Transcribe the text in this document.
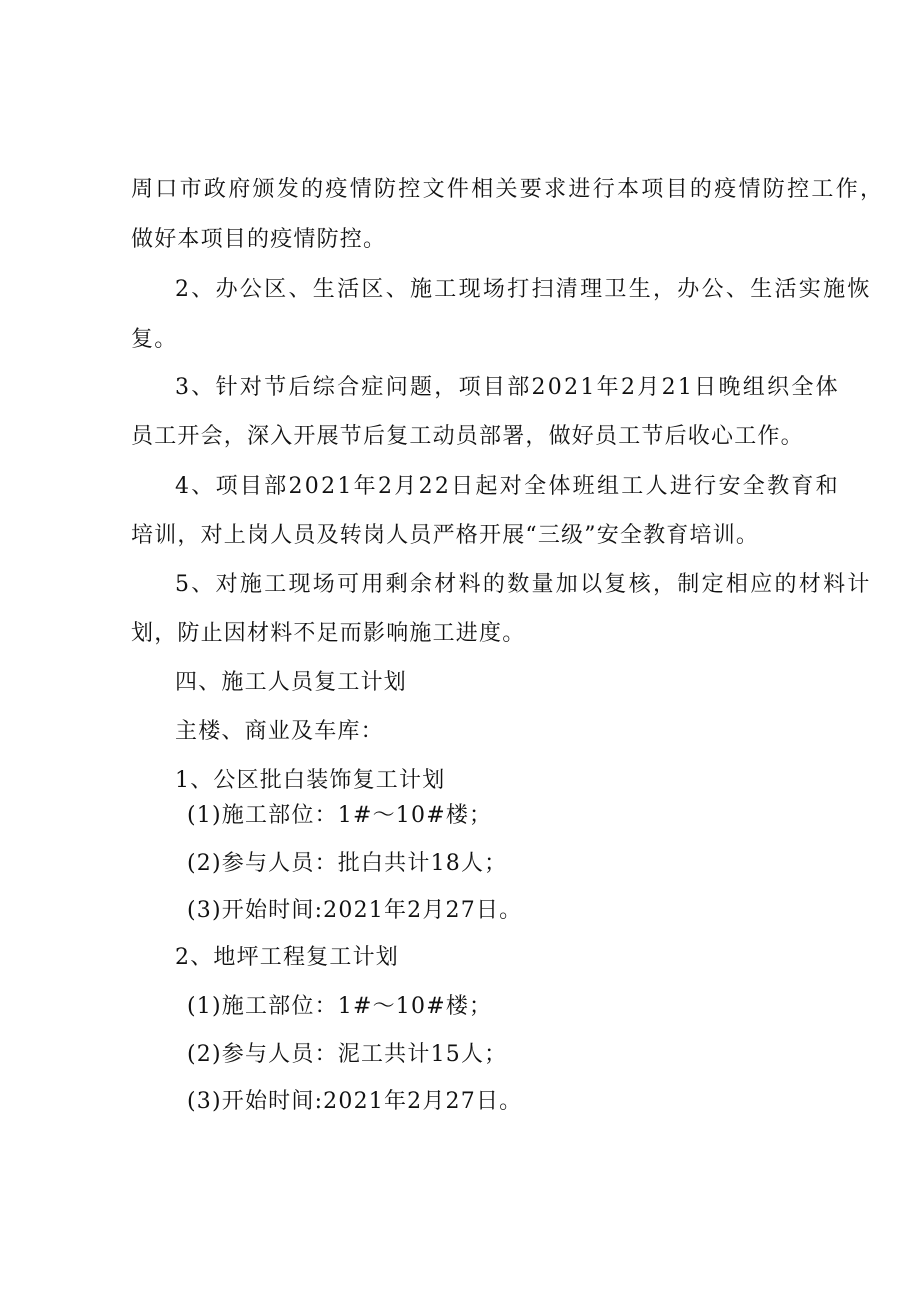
周口市政府颁发的疫情防控文件相关要求进行本项目的疫情防控工作，
做好本项目的疫情防控。
2、办公区、生活区、施工现场打扫清理卫生，办公、生活实施恢
复。
3、针对节后综合症问题，项目部2021年2月21日晚组织全体
员工开会，深入开展节后复工动员部署，做好员工节后收心工作。
4、项目部2021年2月22日起对全体班组工人进行安全教育和
培训，对上岗人员及转岗人员严格开展“三级”安全教育培训。
5、对施工现场可用剩余材料的数量加以复核，制定相应的材料计
划，防止因材料不足而影响施工进度。
四、施工人员复工计划
主楼、商业及车库：
1、公区批白装饰复工计划
(1)施工部位：1#～10#楼；
(2)参与人员：批白共计18人；
(3)开始时间:2021年2月27日。
2、地坪工程复工计划
(1)施工部位：1#～10#楼；
(2)参与人员：泥工共计15人；
(3)开始时间:2021年2月27日。
